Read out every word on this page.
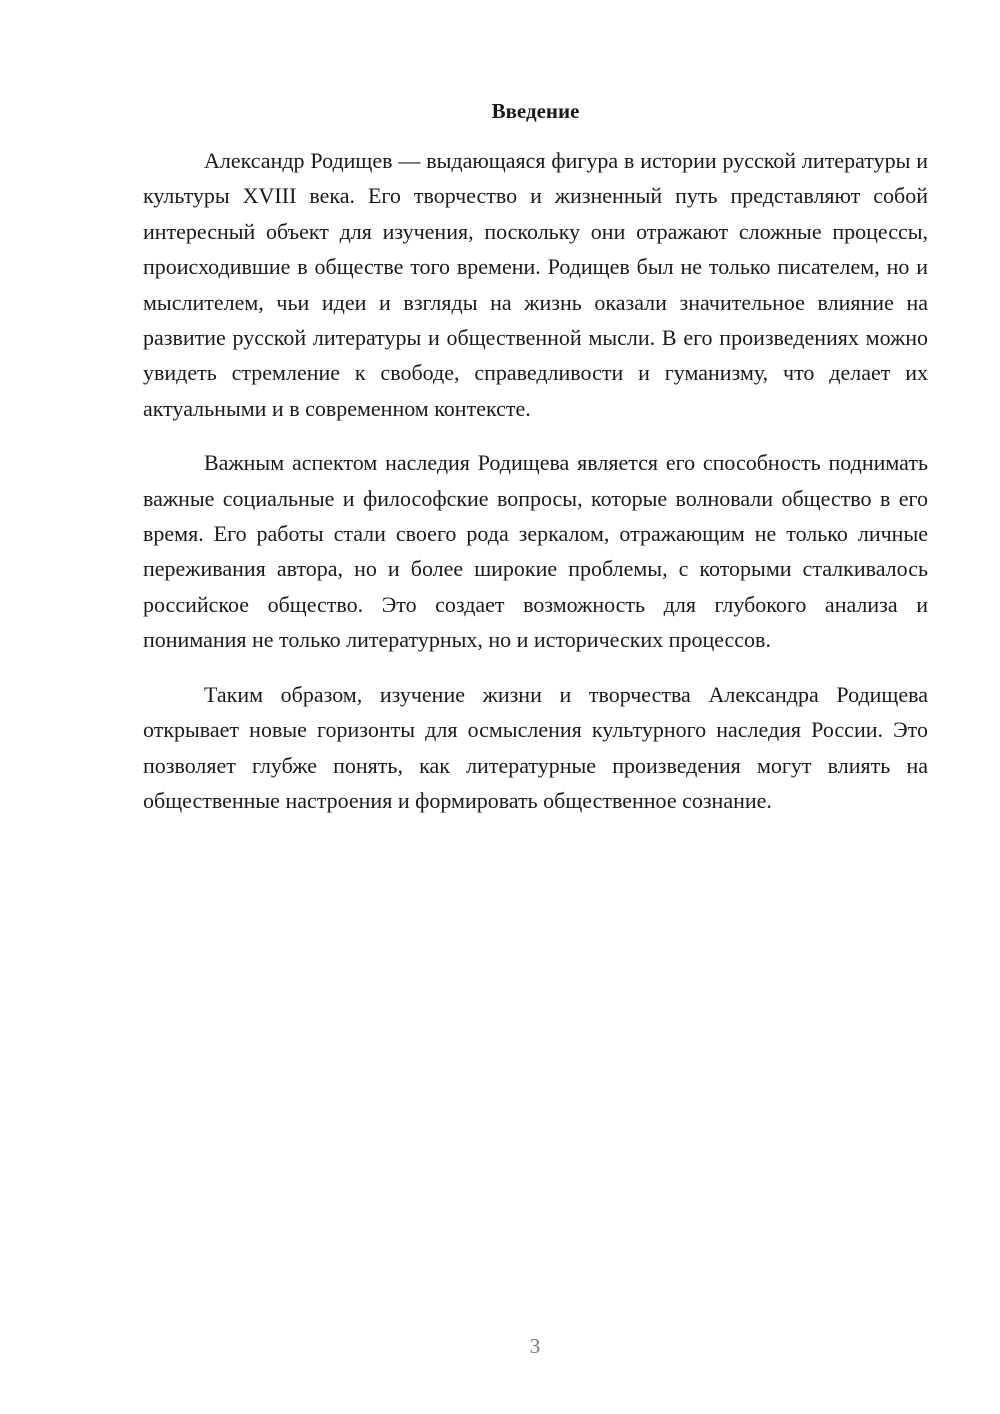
Введение

Александр Родищев — выдающаяся фигура в истории русской литературы и культуры XVIII века. Его творчество и жизненный путь представляют собой интересный объект для изучения, поскольку они отражают сложные процессы, происходившие в обществе того времени. Родищев был не только писателем, но и мыслителем, чьи идеи и взгляды на жизнь оказали значительное влияние на развитие русской литературы и общественной мысли. В его произведениях можно увидеть стремление к свободе, справедливости и гуманизму, что делает их актуальными и в современном контексте.

Важным аспектом наследия Родищева является его способность поднимать важные социальные и философские вопросы, которые волновали общество в его время. Его работы стали своего рода зеркалом, отражающим не только личные переживания автора, но и более широкие проблемы, с которыми сталкивалось российское общество. Это создает возможность для глубокого анализа и понимания не только литературных, но и исторических процессов.

Таким образом, изучение жизни и творчества Александра Родищева открывает новые горизонты для осмысления культурного наследия России. Это позволяет глубже понять, как литературные произведения могут влиять на общественные настроения и формировать общественное сознание.

3
